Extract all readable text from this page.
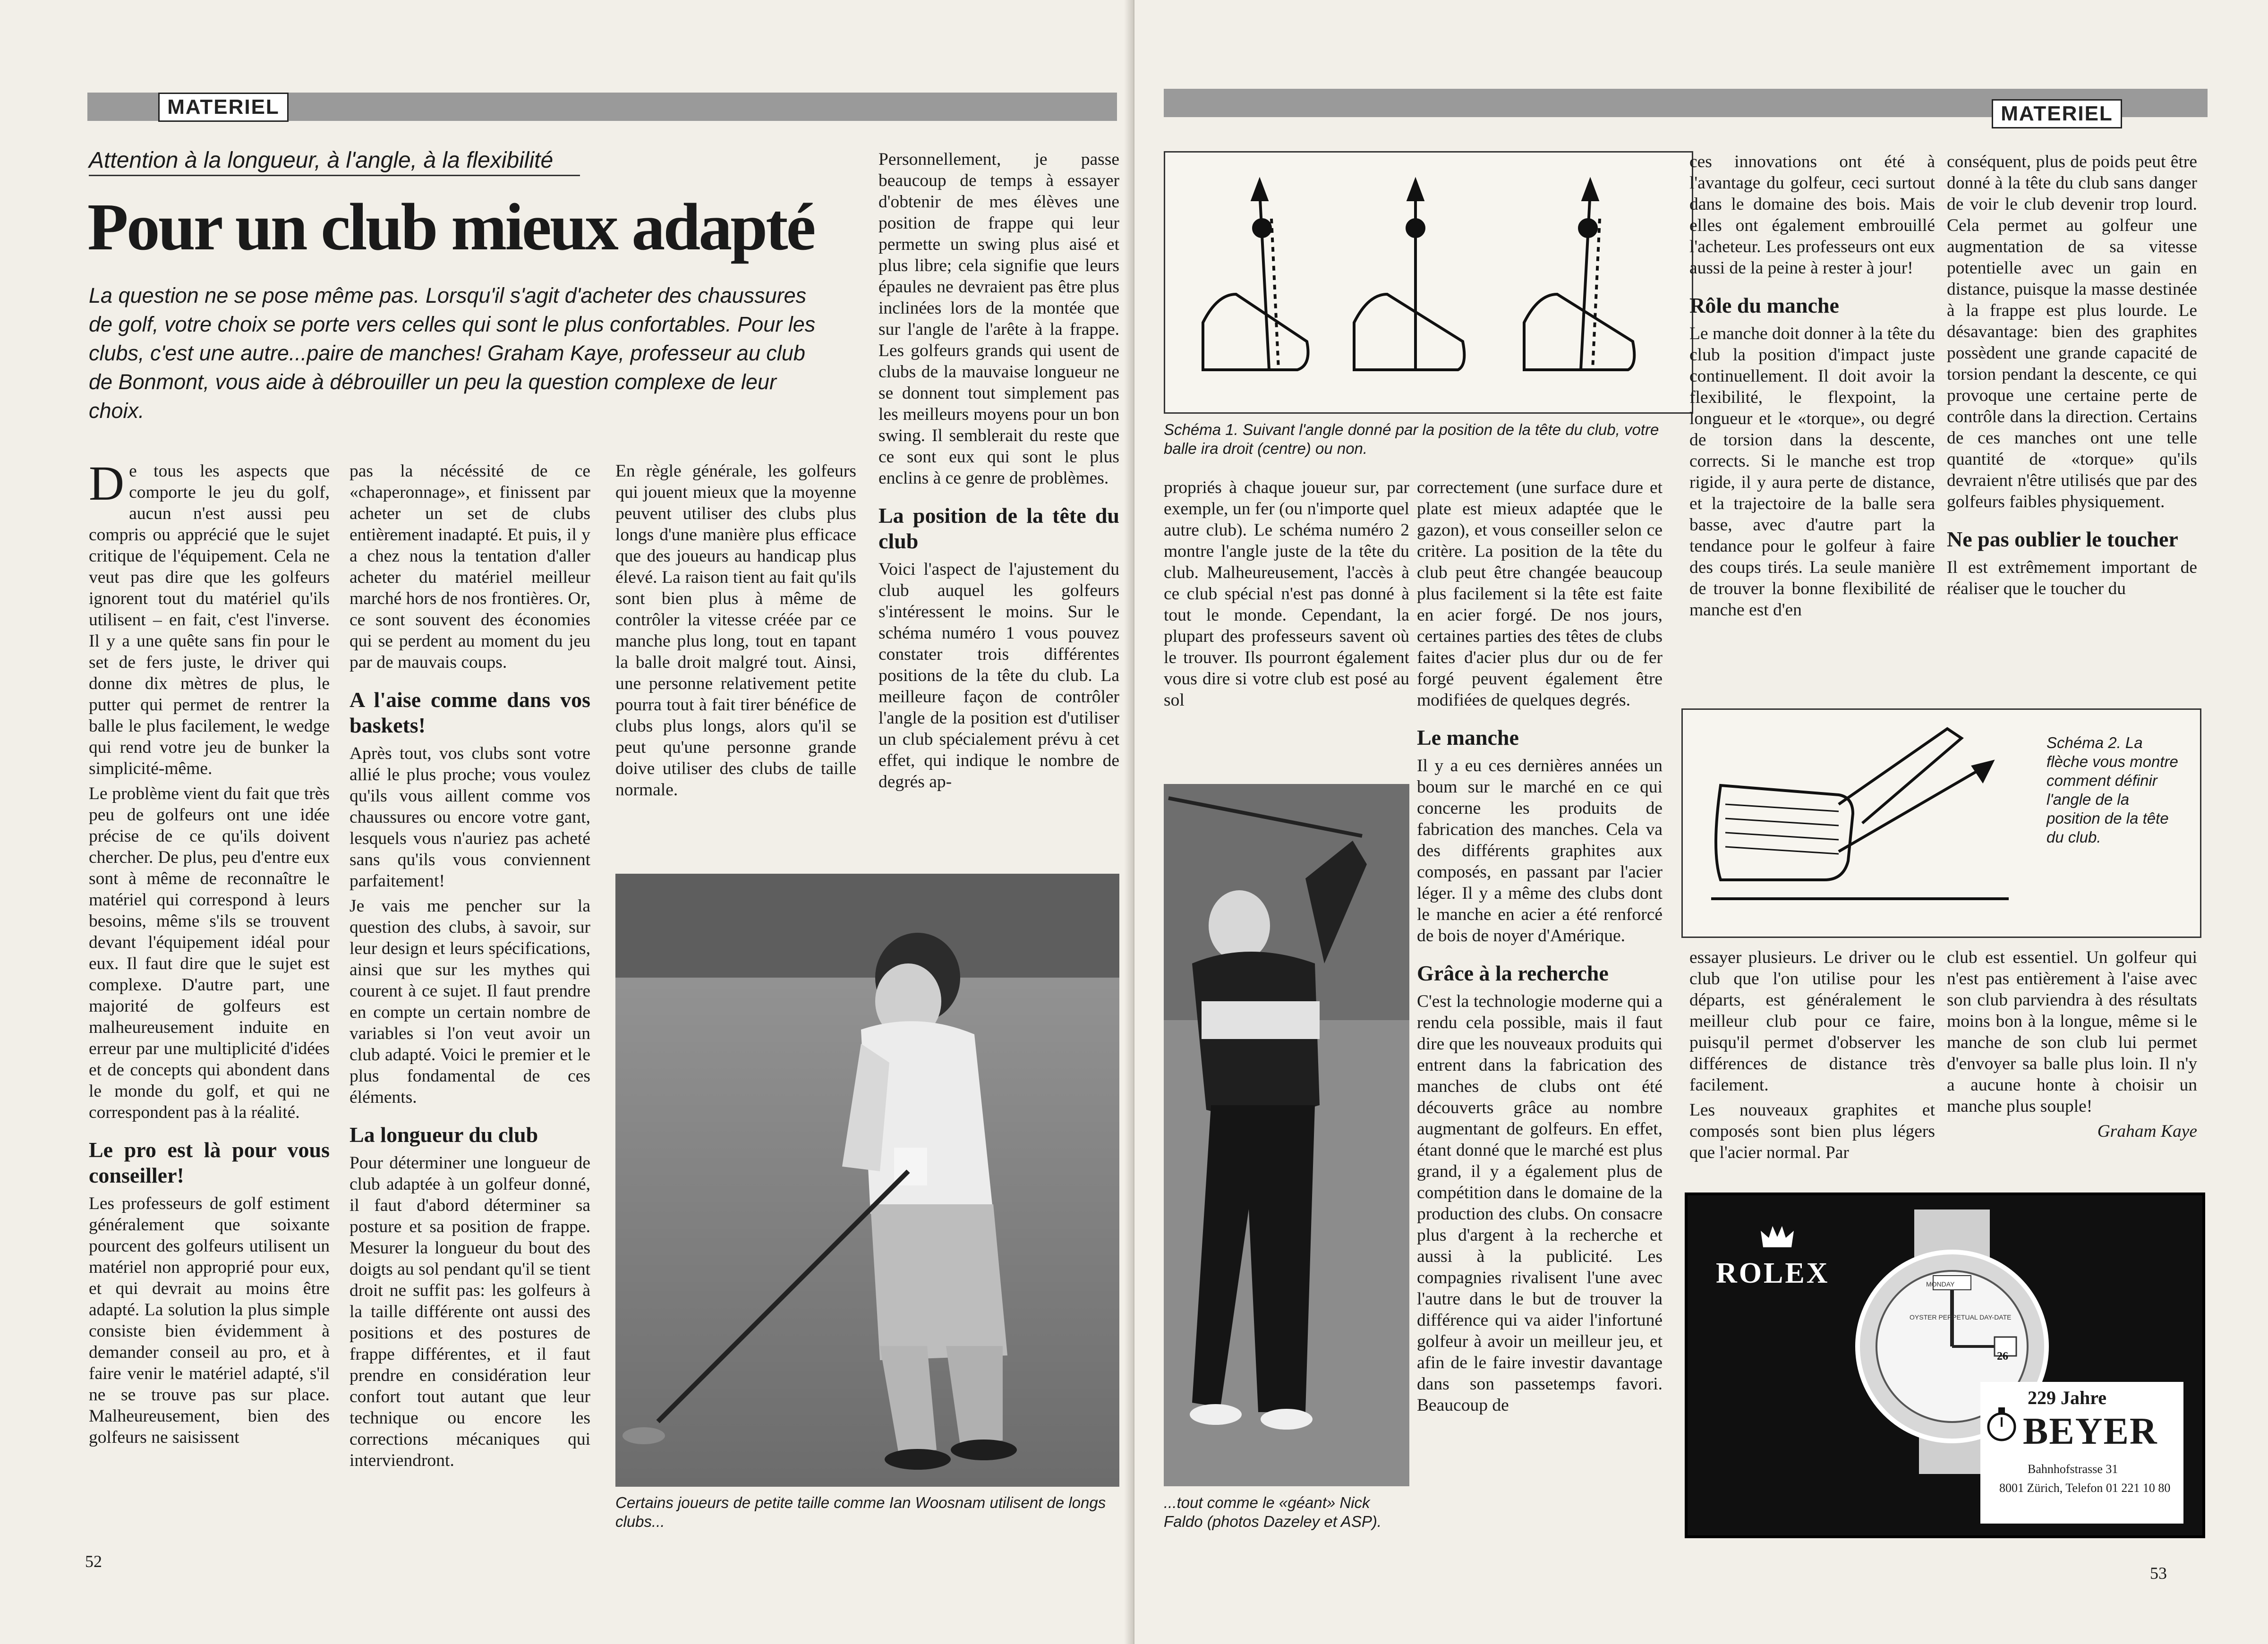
MATERIEL
Attention à la longueur, à l'angle, à la flexibilité
Pour un club mieux adapté
La question ne se pose même pas. Lorsqu'il s'agit d'acheter des chaussures de golf, votre choix se porte vers celles qui sont le plus confortables. Pour les clubs, c'est une autre...paire de manches! Graham Kaye, professeur au club de Bonmont, vous aide à débrouiller un peu la question complexe de leur choix.

De tous les aspects que comporte le jeu du golf, aucun n'est aussi peu compris ou apprécié que le sujet critique de l'équipement. Cela ne veut pas dire que les golfeurs ignorent tout du matériel qu'ils utilisent – en fait, c'est l'inverse. Il y a une quête sans fin pour le set de fers juste, le driver qui donne dix mètres de plus, le putter qui permet de rentrer la balle le plus facilement, le wedge qui rend votre jeu de bunker la simplicité-même.

Le problème vient du fait que très peu de golfeurs ont une idée précise de ce qu'ils doivent chercher. De plus, peu d'entre eux sont à même de reconnaître le matériel qui correspond à leurs besoins, même s'ils se trouvent devant l'équipement idéal pour eux. Il faut dire que le sujet est complexe. D'autre part, une majorité de golfeurs est malheureusement induite en erreur par une multiplicité d'idées et de concepts qui abondent dans le monde du golf, et qui ne correspondent pas à la réalité.

Le pro est là pour vous conseiller!

Les professeurs de golf estiment généralement que soixante pourcent des golfeurs utilisent un matériel non approprié pour eux, et qui devrait au moins être adapté. La solution la plus simple consiste bien évidemment à demander conseil au pro, et à faire venir le matériel adapté, s'il ne se trouve pas sur place. Malheureusement, bien des golfeurs ne saisissent

pas la nécéssité de ce «chaperonnage», et finissent par acheter un set de clubs entièrement inadapté. Et puis, il y a chez nous la tentation d'aller acheter du matériel meilleur marché hors de nos frontières. Or, ce sont souvent des économies qui se perdent au moment du jeu par de mauvais coups.

A l'aise comme dans vos baskets!

Après tout, vos clubs sont votre allié le plus proche; vous voulez qu'ils vous aillent comme vos chaussures ou encore votre gant, lesquels vous n'auriez pas acheté sans qu'ils vous conviennent parfaitement!

Je vais me pencher sur la question des clubs, à savoir, sur leur design et leurs spécifications, ainsi que sur les mythes qui courent à ce sujet. Il faut prendre en compte un certain nombre de variables si l'on veut avoir un club adapté. Voici le premier et le plus fondamental de ces éléments.

La longueur du club

Pour déterminer une longueur de club adaptée à un golfeur donné, il faut d'abord déterminer sa posture et sa position de frappe. Mesurer la longueur du bout des doigts au sol pendant qu'il se tient droit ne suffit pas: les golfeurs à la taille différente ont aussi des positions et des postures de frappe différentes, et il faut prendre en considération leur confort tout autant que leur technique ou encore les corrections mécaniques qui interviendront.

En règle générale, les golfeurs qui jouent mieux que la moyenne peuvent utiliser des clubs plus longs d'une manière plus efficace que des joueurs au handicap plus élevé. La raison tient au fait qu'ils sont bien plus à même de contrôler la vitesse créée par ce manche plus long, tout en tapant la balle droit malgré tout. Ainsi, une personne relativement petite pourra tout à fait tirer bénéfice de clubs plus longs, alors qu'il se peut qu'une personne grande doive utiliser des clubs de taille normale.

Personnellement, je passe beaucoup de temps à essayer d'obtenir de mes élèves une position de frappe qui leur permette un swing plus aisé et plus libre; cela signifie que leurs épaules ne devraient pas être plus inclinées lors de la montée que sur l'angle de l'arête à la frappe. Les golfeurs grands qui usent de clubs de la mauvaise longueur ne se donnent tout simplement pas les meilleurs moyens pour un bon swing. Il semblerait du reste que ce sont eux qui sont le plus enclins à ce genre de problèmes.

La position de la tête du club

Voici l'aspect de l'ajustement du club auquel les golfeurs s'intéressent le moins. Sur le schéma numéro 1 vous pouvez constater trois différentes positions de la tête du club. La meilleure façon de contrôler l'angle de la position est d'utiliser un club spécialement prévu à cet effet, qui indique le nombre de degrés ap-

Certains joueurs de petite taille comme Ian Woosnam utilisent de longs clubs...
52
MATERIEL
Schéma 1. Suivant l'angle donné par la position de la tête du club, votre balle ira droit (centre) ou non.

propriés à chaque joueur sur, par exemple, un fer (ou n'importe quel autre club). Le schéma numéro 2 montre l'angle juste de la tête du club. Malheureusement, l'accès à ce club spécial n'est pas donné à tout le monde. Cependant, la plupart des professeurs savent où le trouver. Ils pourront également vous dire si votre club est posé au sol

...tout comme le «géant» Nick Faldo (photos Dazeley et ASP).

correctement (une surface dure et plate est mieux adaptée que le gazon), et vous conseiller selon ce critère. La position de la tête du club peut être changée beaucoup plus facilement si la tête est faite en acier forgé. De nos jours, certaines parties des têtes de clubs faites d'acier plus dur ou de fer forgé peuvent également être modifiées de quelques degrés.

Le manche

Il y a eu ces dernières années un boum sur le marché en ce qui concerne les produits de fabrication des manches. Cela va des différents graphites aux composés, en passant par l'acier léger. Il y a même des clubs dont le manche en acier a été renforcé de bois de noyer d'Amérique.

Grâce à la recherche

C'est la technologie moderne qui a rendu cela possible, mais il faut dire que les nouveaux produits qui entrent dans la fabrication des manches de clubs ont été découverts grâce au nombre augmentant de golfeurs. En effet, étant donné que le marché est plus grand, il y a également plus de compétition dans le domaine de la production des clubs. On consacre plus d'argent à la recherche et aussi à la publicité. Les compagnies rivalisent l'une avec l'autre dans le but de trouver la différence qui va aider l'infortuné golfeur à avoir un meilleur jeu, et afin de le faire investir davantage dans son passetemps favori. Beaucoup de

ces innovations ont été à l'avantage du golfeur, ceci surtout dans le domaine des bois. Mais elles ont également embrouillé l'acheteur. Les professeurs ont eux aussi de la peine à rester à jour!

Rôle du manche

Le manche doit donner à la tête du club la position d'impact juste continuellement. Il doit avoir la flexibilité, le flexpoint, la longueur et le «torque», ou degré de torsion dans la descente, corrects. Si le manche est trop rigide, il y aura perte de distance, et la trajectoire de la balle sera basse, avec d'autre part la tendance pour le golfeur à faire des coups tirés. La seule manière de trouver la bonne flexibilité de manche est d'en

conséquent, plus de poids peut être donné à la tête du club sans danger de voir le club devenir trop lourd. Cela permet au golfeur une augmentation de sa vitesse potentielle avec un gain en distance, puisque la masse destinée à la frappe est plus lourde. Le désavantage: bien des graphites possèdent une grande capacité de torsion pendant la descente, ce qui provoque une certaine perte de contrôle dans la direction. Certains de ces manches ont une telle quantité de «torque» qu'ils devraient n'être utilisés que par des golfeurs faibles physiquement.

Ne pas oublier le toucher

Il est extrêmement important de réaliser que le toucher du

Schéma 2. La flèche vous montre comment définir l'angle de la position de la tête du club.

essayer plusieurs. Le driver ou le club que l'on utilise pour les départs, est généralement le meilleur club pour ce faire, puisqu'il permet d'observer les différences de distance très facilement.

Les nouveaux graphites et composés sont bien plus légers que l'acier normal. Par

club est essentiel. Un golfeur qui n'est pas entièrement à l'aise avec son club parviendra à des résultats moins bon à la longue, même si le manche de son club lui permet d'envoyer sa balle plus loin. Il n'y a aucune honte à choisir un manche plus souple!

Graham Kaye

ROLEX	MONDAY
26
OYSTER PERPETUAL DAY-DATE
229 Jahre
BEYER
Bahnhofstrasse 31
8001 Zürich, Telefon 01 221 10 80
53
